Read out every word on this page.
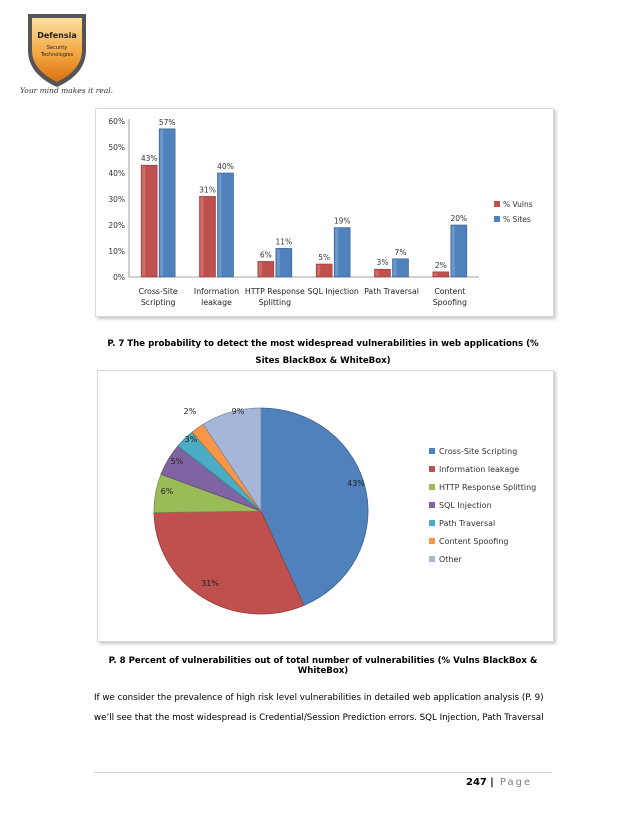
Defensia
Security
Technologies
Your mind makes it real.
0%
10%
20%
30%
40%
50%
60%
43%
57%
Cross-Site
Scripting
31%
40%
Information
leakage
6%
11%
HTTP Response
Splitting
5%
19%
SQL Injection
3%
7%
Path Traversal
2%
20%
Content
Spoofing
% Vulns
% Sites
P. 7 The probability to detect the most widespread vulnerabilities in web applications (% Sites BlackBox & WhiteBox)
43%
31%
6%
5%
3%
2%	9%
Cross-Site Scripting
Information leakage
HTTP Response Splitting
SQL Injection
Path Traversal
Content Spoofing
Other
P. 8 Percent of vulnerabilities out of total number of vulnerabilities (% Vulns BlackBox & WhiteBox)
If we consider the prevalence of high risk level vulnerabilities in detailed web application analysis (P. 9)
we’ll see that the most widespread is Credential/Session Prediction errors. SQL Injection, Path Traversal
247 | Page
